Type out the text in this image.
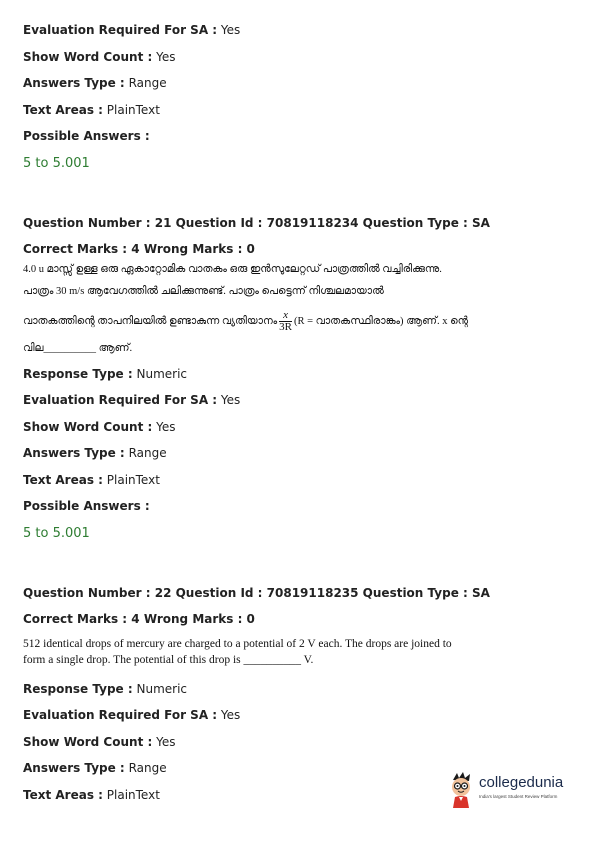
Evaluation Required For SA : Yes
Show Word Count : Yes
Answers Type : Range
Text Areas : PlainText
Possible Answers :
5 to 5.001
Question Number : 21 Question Id : 70819118234 Question Type : SA
Correct Marks : 4 Wrong Marks : 0
4.0 u മാസ്സ് ഉള്ള ഒരു ഏകാറ്റോമിക വാതകം ഒരു ഇൻസുലേറ്റഡ് പാത്രത്തിൽ വച്ചിരിക്കുന്നു.
പാത്രം 30 m/s ആവേഗത്തിൽ ചലിക്കുന്നുണ്ട്. പാത്രം പെട്ടെന്ന് നിശ്ചലമായാൽ
വാതകത്തിന്റെ താപനിലയിൽ ഉണ്ടാകുന്ന വ്യതിയാനം $\frac{x}{3R} (R$ = വാതകസ്ഥിരാങ്കം) ആണ്. x ന്റെ
വില__________ ആണ്.
Response Type : Numeric
Evaluation Required For SA : Yes
Show Word Count : Yes
Answers Type : Range
Text Areas : PlainText
Possible Answers :
5 to 5.001
Question Number : 22 Question Id : 70819118235 Question Type : SA
Correct Marks : 4 Wrong Marks : 0
512 identical drops of mercury are charged to a potential of 2 V each. The drops are joined to
form a single drop. The potential of this drop is __________ V.
Response Type : Numeric
Evaluation Required For SA : Yes
Show Word Count : Yes
Answers Type : Range
Text Areas : PlainText
collegedunia
India's largest Student Review Platform
